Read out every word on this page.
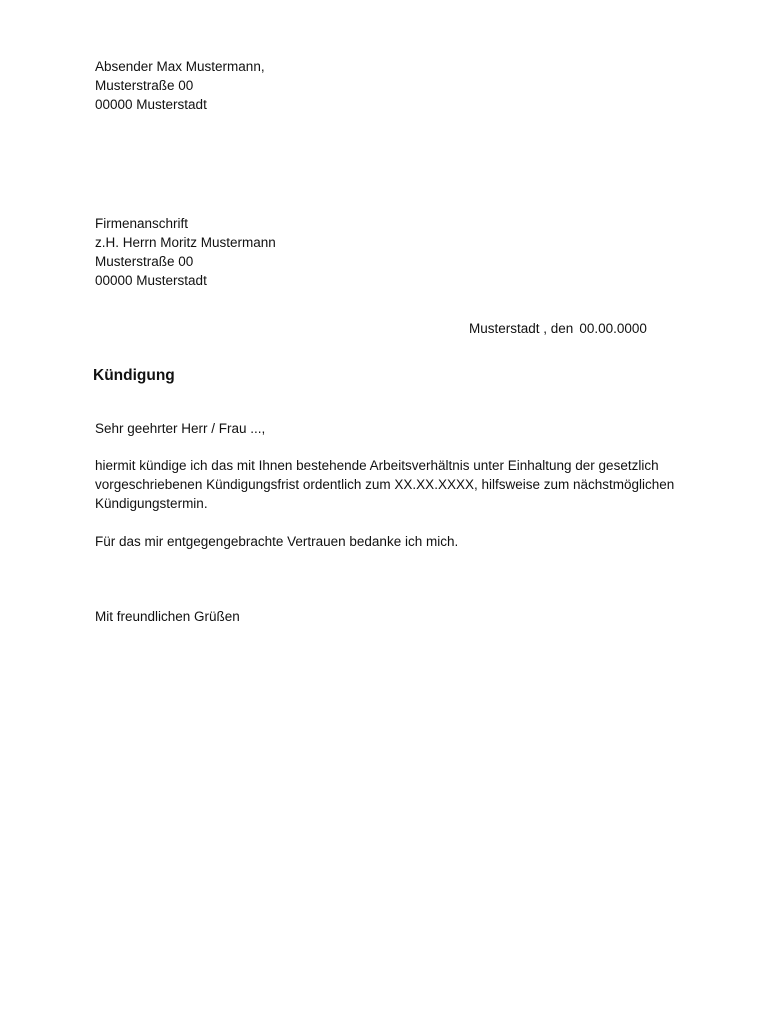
Absender Max Mustermann,
Musterstraße 00
00000 Musterstadt
Firmenanschrift
z.H. Herrn Moritz Mustermann
Musterstraße 00
00000 Musterstadt
Musterstadt , den 00.00.0000
Kündigung
Sehr geehrter Herr / Frau ...,
hiermit kündige ich das mit Ihnen bestehende Arbeitsverhältnis unter Einhaltung der gesetzlich
vorgeschriebenen Kündigungsfrist ordentlich zum XX.XX.XXXX, hilfsweise zum nächstmöglichen
Kündigungstermin.
Für das mir entgegengebrachte Vertrauen bedanke ich mich.
Mit freundlichen Grüßen
